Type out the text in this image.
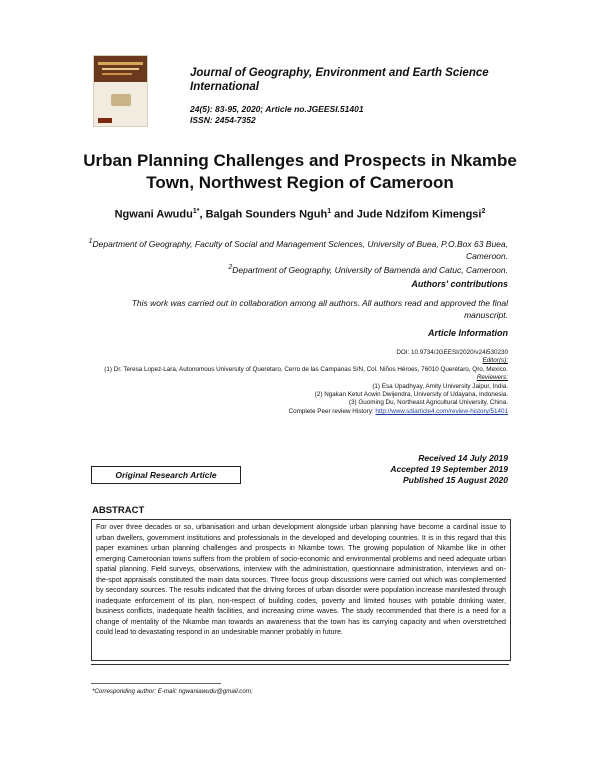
Journal of Geography, Environment and Earth Science International
24(5): 83-95, 2020; Article no.JGEESI.51401
ISSN: 2454-7352
Urban Planning Challenges and Prospects in Nkambe Town, Northwest Region of Cameroon
Ngwani Awudu$^{1*}$, Balgah Sounders Nguh$^1$ and Jude Ndzifom Kimengsi$^2$
$^1$Department of Geography, Faculty of Social and Management Sciences, University of Buea, P.O.Box 63 Buea, Cameroon.
$^2$Department of Geography, University of Bamenda and Catuc, Cameroon.
Authors' contributions
This work was carried out in collaboration among all authors. All authors read and approved the final manuscript.
Article Information
DOI: 10.9734/JGEESI/2020/v24i530230
Editor(s):
(1) Dr. Teresa Lopez-Lara, Autonomous University of Queretaro, Cerro de las Campanas S/N, Col. Niños Héroes, 76010 Querétaro, Qro, Mexico.
Reviewers:
(1) Esa Upadhyay, Amity University Jaipur, India.
(2) Ngakan Ketut Acwin Dwijendra, University of Udayana, Indonesia.
(3) Guoming Du, Northeast Agricultural University, China.
Complete Peer review History: http://www.sdiarticle4.com/review-history/51401
Original Research Article
Received 14 July 2019
Accepted 19 September 2019
Published 15 August 2020
ABSTRACT
For over three decades or so, urbanisation and urban development alongside urban planning have become a cardinal issue to urban dwellers, government institutions and professionals in the developed and developing countries. It is in this regard that this paper examines urban planning challenges and prospects in Nkambe town. The growing population of Nkambe like in other emerging Cameroonian towns suffers from the problem of socio-economic and environmental problems and need adequate urban spatial planning. Field surveys, observations, interview with the administration, questionnaire administration, interviews and on-the-spot appraisals constituted the main data sources. Three focus group discussions were carried out which was complemented by secondary sources. The results indicated that the driving forces of urban disorder were population increase manifested through inadequate enforcement of its plan, non-respect of building codes, poverty and limited houses with potable drinking water, business conflicts, inadequate health facilities, and increasing crime waves. The study recommended that there is a need for a change of mentality of the Nkambe man towards an awareness that the town has its carrying capacity and when overstretched could lead to devastating respond in an undesirable manner probably in future.
*Corresponding author: E-mail: ngwaniawudu@gmail.com;
